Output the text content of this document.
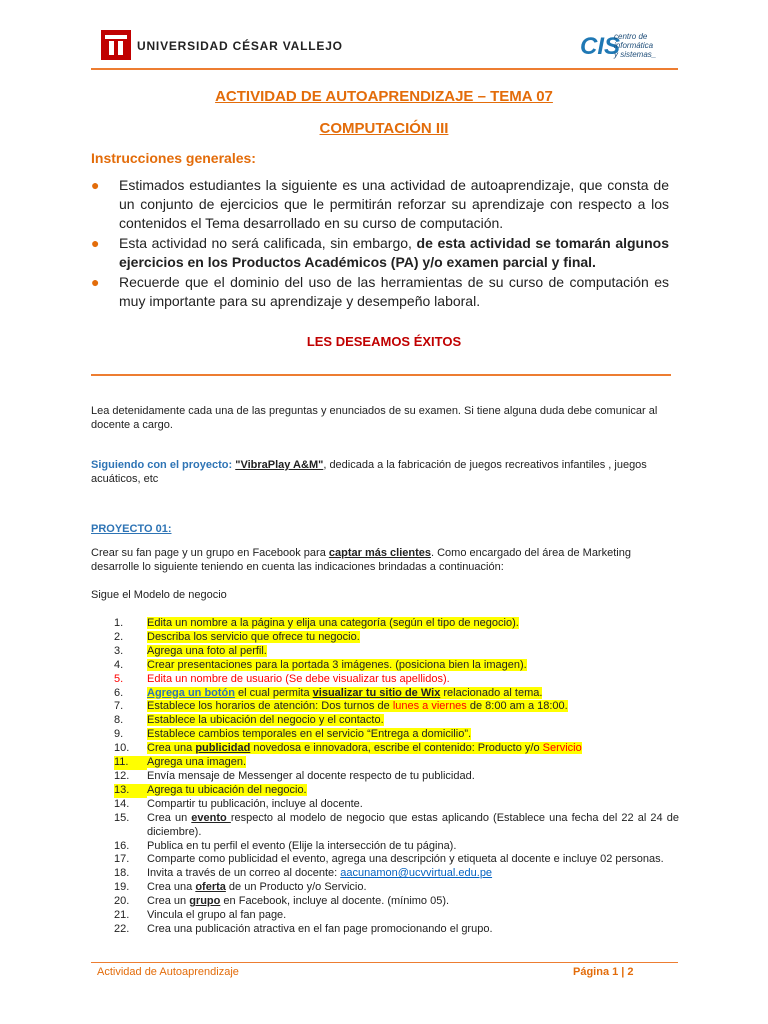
UNIVERSIDAD CÉSAR VALLEJO	CIS
centro de
informática
y sistemas_
ACTIVIDAD DE AUTOAPRENDIZAJE – TEMA 07
COMPUTACIÓN III
Instrucciones generales:
● Estimados estudiantes la siguiente es una actividad de autoaprendizaje, que consta de un conjunto de ejercicios que le permitirán reforzar su aprendizaje con respecto a los contenidos el Tema desarrollado en su curso de computación.
● Esta actividad no será calificada, sin embargo, de esta actividad se tomarán algunos ejercicios en los Productos Académicos (PA) y/o examen parcial y final.
● Recuerde que el dominio del uso de las herramientas de su curso de computación es muy importante para su aprendizaje y desempeño laboral.
LES DESEAMOS ÉXITOS
Lea detenidamente cada una de las preguntas y enunciados de su examen. Si tiene alguna duda debe comunicar al docente a cargo.
Siguiendo con el proyecto: "VibraPlay A&M", dedicada a la fabricación de juegos recreativos infantiles , juegos acuáticos, etc
PROYECTO 01:
Crear su fan page y un grupo en Facebook para captar más clientes. Como encargado del área de Marketing desarrolle lo siguiente teniendo en cuenta las indicaciones brindadas a continuación:
Sigue el Modelo de negocio
1.	Edita un nombre a la página y elija una categoría (según el tipo de negocio).
2.	Describa los servicio que ofrece tu negocio.
3.	Agrega una foto al perfil.
4.	Crear presentaciones para la portada 3 imágenes. (posiciona bien la imagen).
5.	Edita un nombre de usuario (Se debe visualizar tus apellidos).
6.	Agrega un botón el cual permita visualizar tu sitio de Wix relacionado al tema.
7.	Establece los horarios de atención: Dos turnos de lunes a viernes de 8:00 am a 18:00.
8.	Establece la ubicación del negocio y el contacto.
9.	Establece cambios temporales en el servicio “Entrega a domicilio”.
10.	Crea una publicidad novedosa e innovadora, escribe el contenido: Producto y/o Servicio
11.	Agrega una imagen.
12.	Envía mensaje de Messenger al docente respecto de tu publicidad.
13.	Agrega tu ubicación del negocio.
14.	Compartir tu publicación, incluye al docente.
15.	Crea un evento respecto al modelo de negocio que estas aplicando (Establece una fecha del 22 al 24 de diciembre).
16.	Publica en tu perfil el evento (Elije la intersección de tu página).
17.	Comparte como publicidad el evento, agrega una descripción y etiqueta al docente e incluye 02 personas.
18.	Invita a través de un correo al docente: aacunamon@ucvvirtual.edu.pe
19.	Crea una oferta de un Producto y/o Servicio.
20.	Crea un grupo en Facebook, incluye al docente. (mínimo 05).
21.	Vincula el grupo al fan page.
22.	Crea una publicación atractiva en el fan page promocionando el grupo.
Actividad de Autoaprendizaje	Página 1 | 2
